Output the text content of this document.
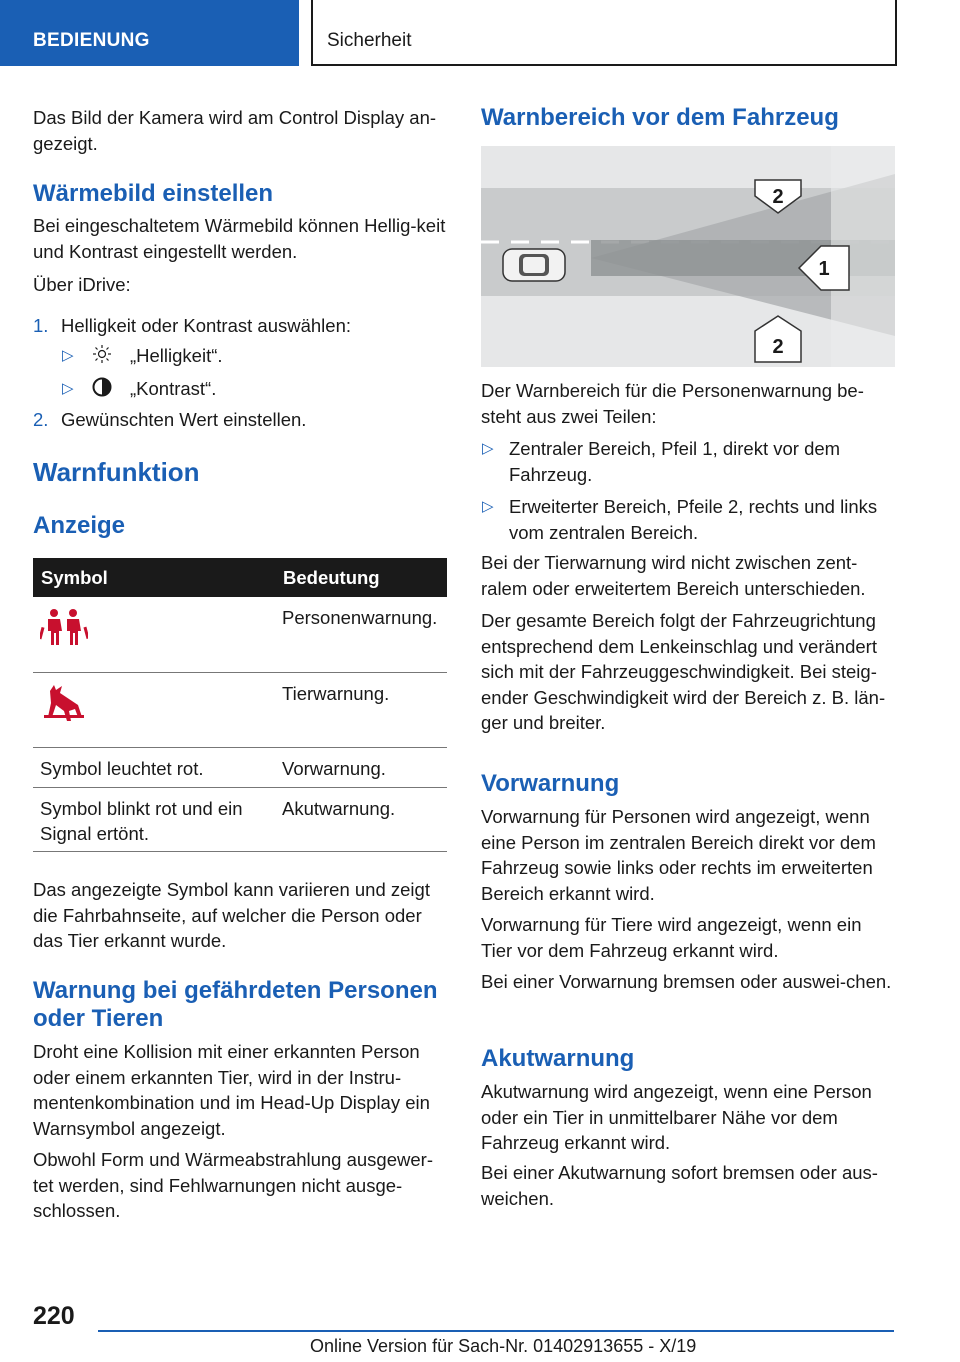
BEDIENUNG	Sicherheit

Das Bild der Kamera wird am Control Display an-gezeigt.

Wärmebild einstellen

Bei eingeschaltetem Wärmebild können Hellig-keit und Kontrast eingestellt werden.

Über iDrive:

1. Helligkeit oder Kontrast auswählen:

▷	„Helligkeit“.

▷	„Kontrast“.

2. Gewünschten Wert einstellen.

Warnfunktion
Anzeige
Symbol	Bedeutung
	Personenwarnung.
	Tierwarnung.
Symbol leuchtet rot.	Vorwarnung.
Symbol blinkt rot und ein Signal ertönt.	Akutwarnung.

Das angezeigte Symbol kann variieren und zeigt die Fahrbahnseite, auf welcher die Person oder das Tier erkannt wurde.

Warnung bei gefährdeten Personen oder Tieren

Droht eine Kollision mit einer erkannten Person oder einem erkannten Tier, wird in der Instru-mentenkombination und im Head-Up Display ein Warnsymbol angezeigt.

Obwohl Form und Wärmeabstrahlung ausgewer-tet werden, sind Fehlwarnungen nicht ausge-schlossen.

Warnbereich vor dem Fahrzeug
2
1
2

Der Warnbereich für die Personenwarnung be-steht aus zwei Teilen:

▷ Zentraler Bereich, Pfeil 1, direkt vor dem Fahrzeug.

▷ Erweiterter Bereich, Pfeile 2, rechts und links vom zentralen Bereich.

Bei der Tierwarnung wird nicht zwischen zent-ralem oder erweitertem Bereich unterschieden.

Der gesamte Bereich folgt der Fahrzeugrichtung entsprechend dem Lenkeinschlag und verändert sich mit der Fahrzeuggeschwindigkeit. Bei steig-ender Geschwindigkeit wird der Bereich z. B. län-ger und breiter.

Vorwarnung

Vorwarnung für Personen wird angezeigt, wenn eine Person im zentralen Bereich direkt vor dem Fahrzeug sowie links oder rechts im erweiterten Bereich erkannt wird.

Vorwarnung für Tiere wird angezeigt, wenn ein Tier vor dem Fahrzeug erkannt wird.

Bei einer Vorwarnung bremsen oder auswei-chen.

Akutwarnung

Akutwarnung wird angezeigt, wenn eine Person oder ein Tier in unmittelbarer Nähe vor dem Fahrzeug erkannt wird.

Bei einer Akutwarnung sofort bremsen oder aus-weichen.

220
Online Version für Sach-Nr. 01402913655 - X/19
